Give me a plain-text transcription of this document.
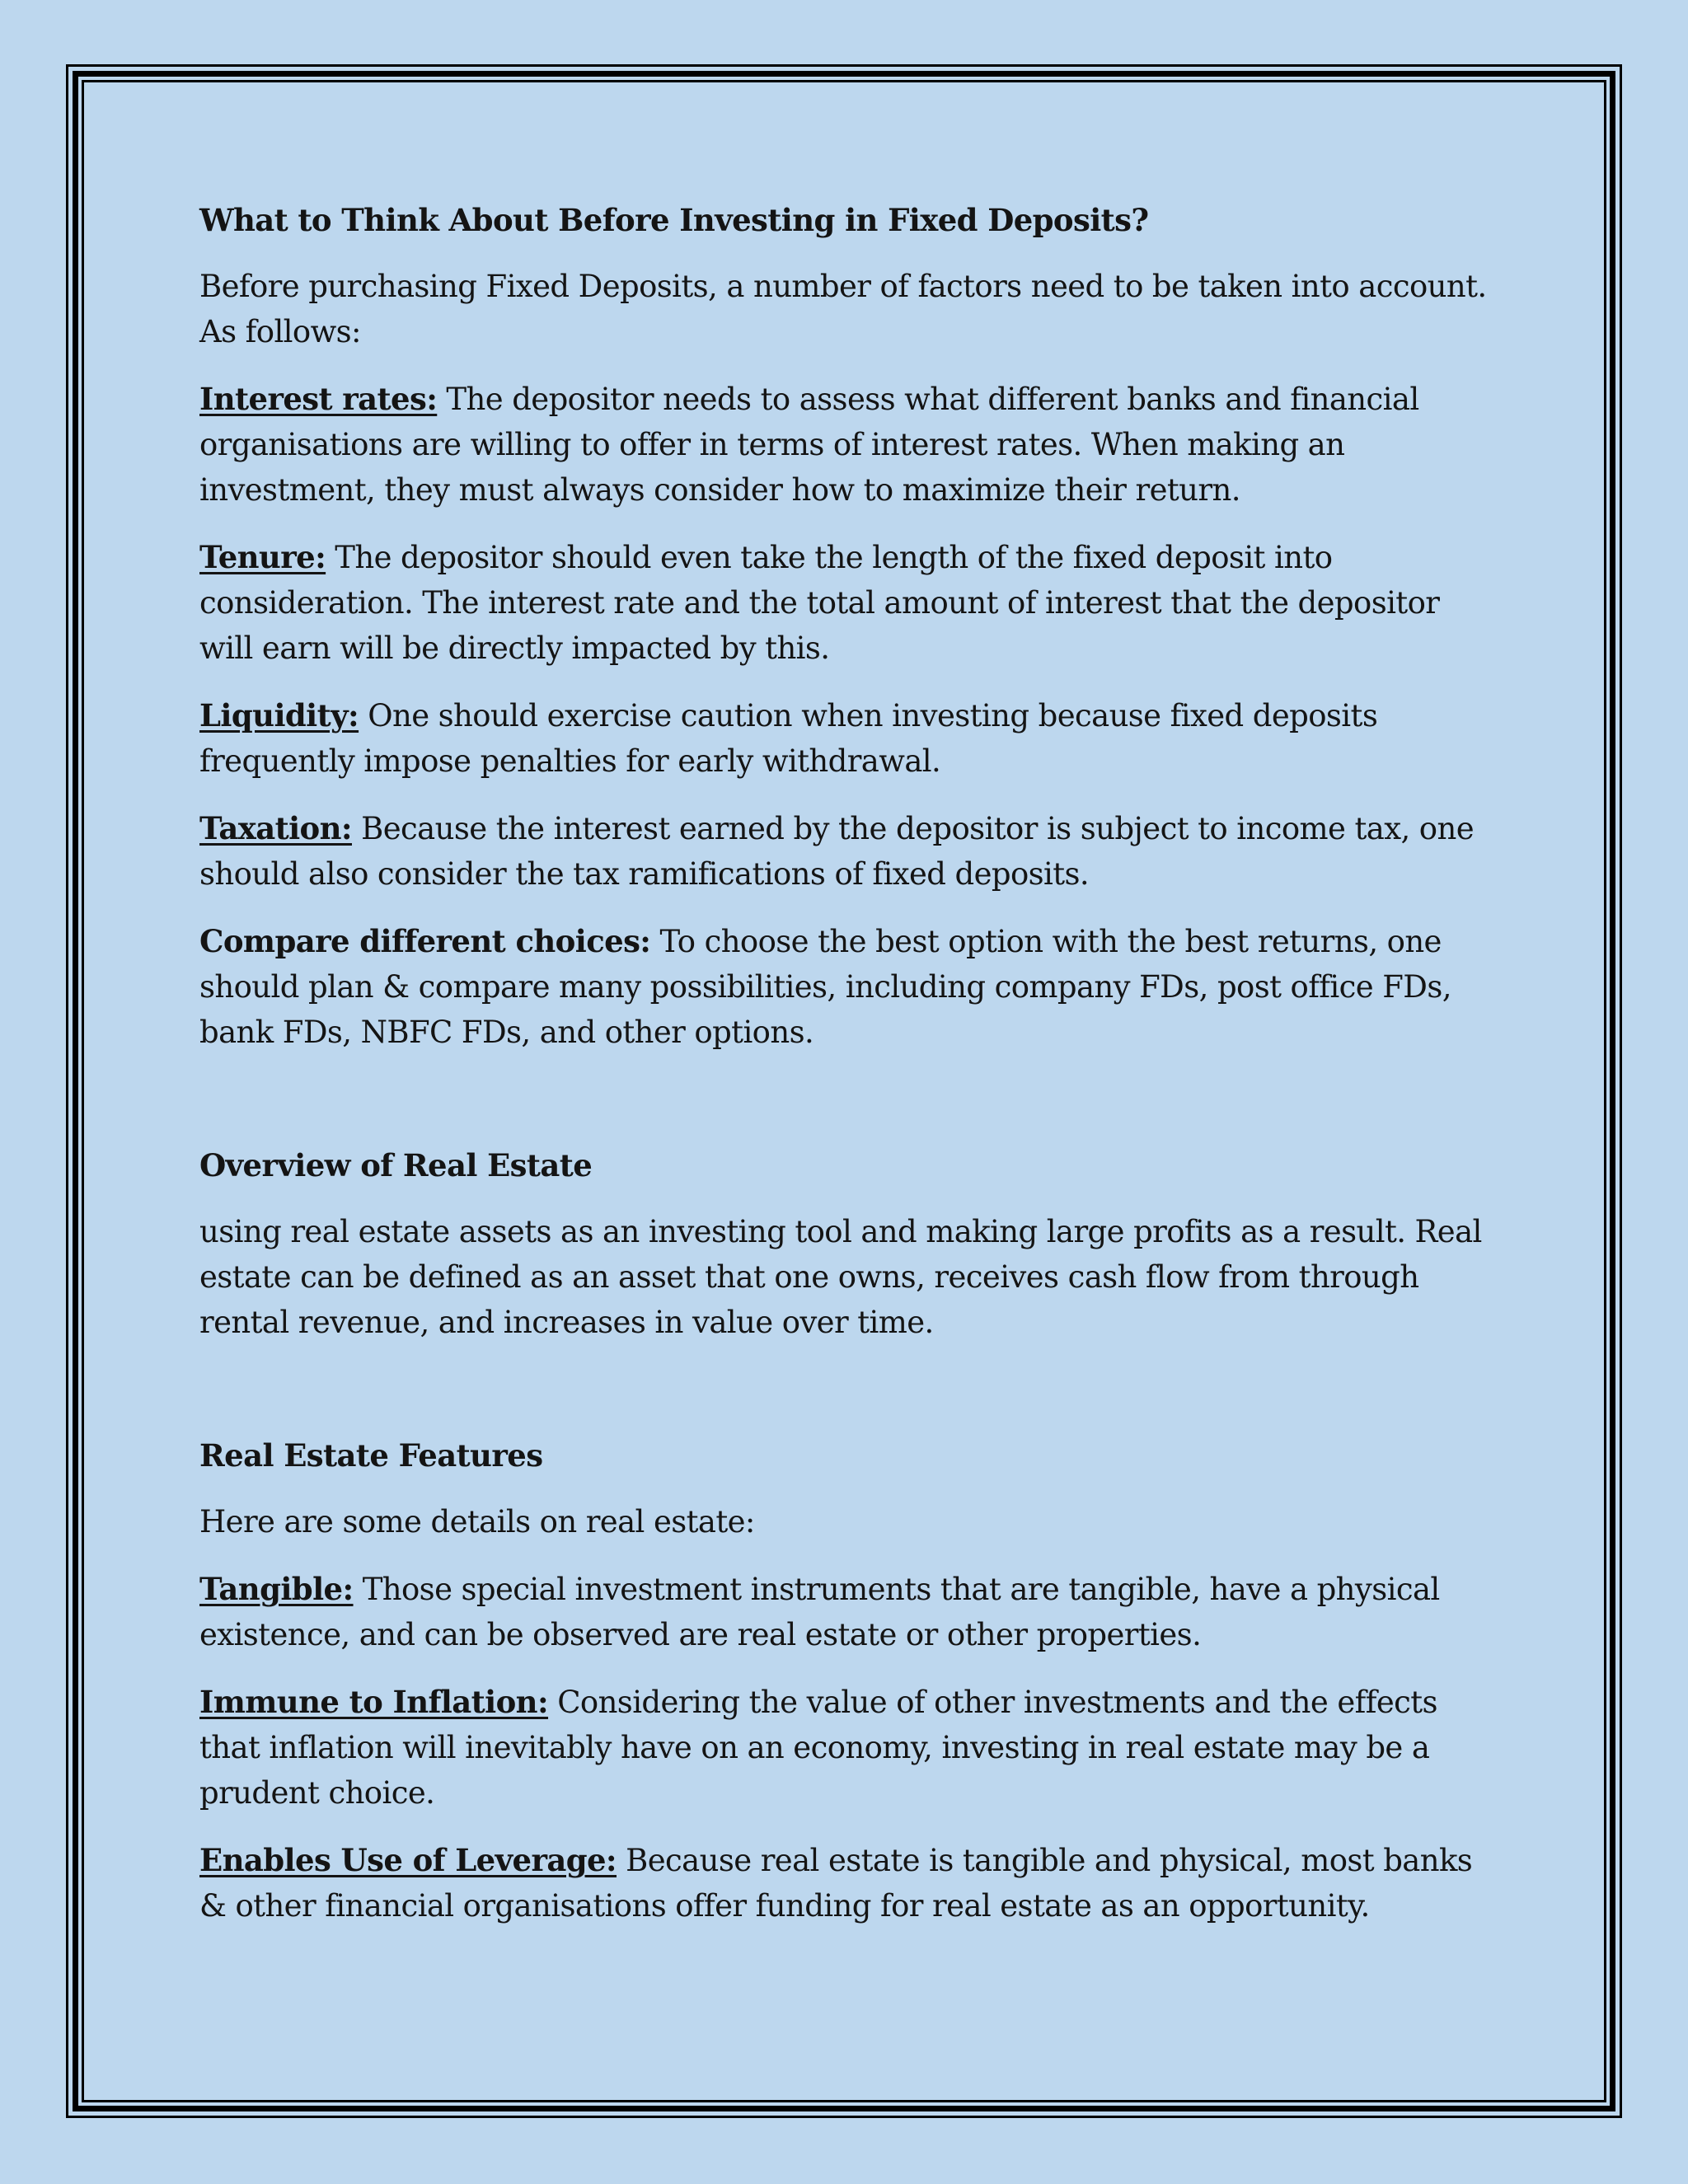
What to Think About Before Investing in Fixed Deposits?

Before purchasing Fixed Deposits, a number of factors need to be taken into account. As follows:

Interest rates: The depositor needs to assess what different banks and financial organisations are willing to offer in terms of interest rates. When making an investment, they must always consider how to maximize their return.

Tenure: The depositor should even take the length of the fixed deposit into consideration. The interest rate and the total amount of interest that the depositor will earn will be directly impacted by this.

Liquidity: One should exercise caution when investing because fixed deposits frequently impose penalties for early withdrawal.

Taxation: Because the interest earned by the depositor is subject to income tax, one should also consider the tax ramifications of fixed deposits.

Compare different choices: To choose the best option with the best returns, one should plan & compare many possibilities, including company FDs, post office FDs, bank FDs, NBFC FDs, and other options.

Overview of Real Estate

using real estate assets as an investing tool and making large profits as a result. Real estate can be defined as an asset that one owns, receives cash flow from through rental revenue, and increases in value over time.

Real Estate Features

Here are some details on real estate:

Tangible: Those special investment instruments that are tangible, have a physical existence, and can be observed are real estate or other properties.

Immune to Inflation: Considering the value of other investments and the effects that inflation will inevitably have on an economy, investing in real estate may be a prudent choice.

Enables Use of Leverage: Because real estate is tangible and physical, most banks & other financial organisations offer funding for real estate as an opportunity.
